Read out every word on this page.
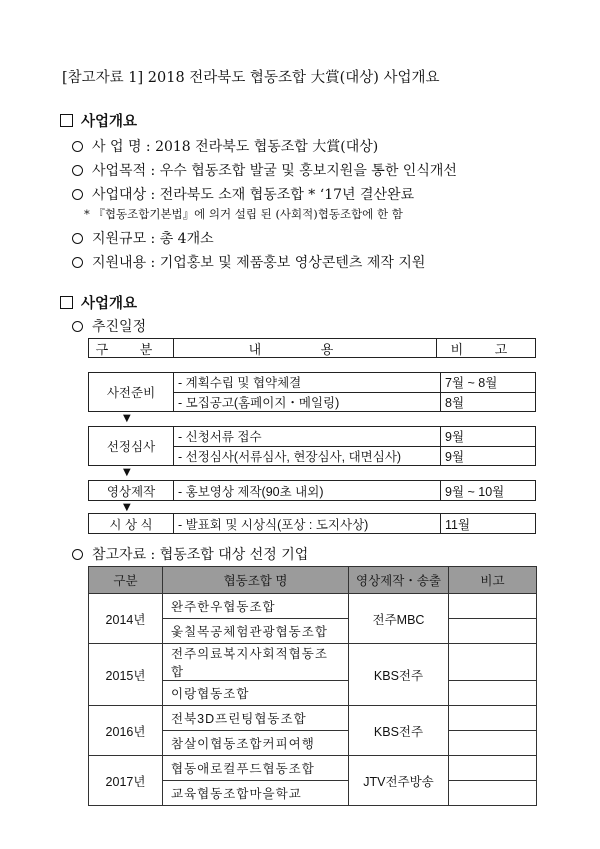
[참고자료 1] 2018 전라북도 협동조합 大賞(대상) 사업개요
사업개요
사 업 명 : 2018 전라북도 협동조합 大賞(대상)
사업목적 : 우수 협동조합 발굴 및 홍보지원을 통한 인식개선
사업대상 : 전라북도 소재 협동조합 * ‘17년 결산완료
* 『협동조합기본법』에 의거 설립 된 (사회적)협동조합에 한 함
지원규모 : 총 4개소
지원내용 : 기업홍보 및 제품홍보 영상콘텐츠 제작 지원
사업개요
추진일정
구 분	내 용	비 고
사전준비
- 계획수립 및 협약체결	7월 ~ 8월
- 모집공고(홈페이지・메일링)	8월
▼
선정심사
- 신청서류 접수	9월
- 선정심사(서류심사, 현장심사, 대면심사)	9월
▼
영상제작	- 홍보영상 제작(90초 내외)	9월 ~ 10월
▼
시 상 식	- 발표회 및 시상식(포상 : 도지사상)	11월
참고자료 : 협동조합 대상 선정 기업
구분	협동조합 명	영상제작・송출	비고
2014년	완주한우협동조합	전주MBC	
	옻칠목공체험관광협동조합		
2015년	전주의료복지사회적협동조합	KBS전주	
	이랑협동조합		
2016년	전북3D프린팅협동조합	KBS전주	
	참살이협동조합커피여행		
2017년	협동애로컬푸드협동조합	JTV전주방송	
	교육협동조합마을학교		
